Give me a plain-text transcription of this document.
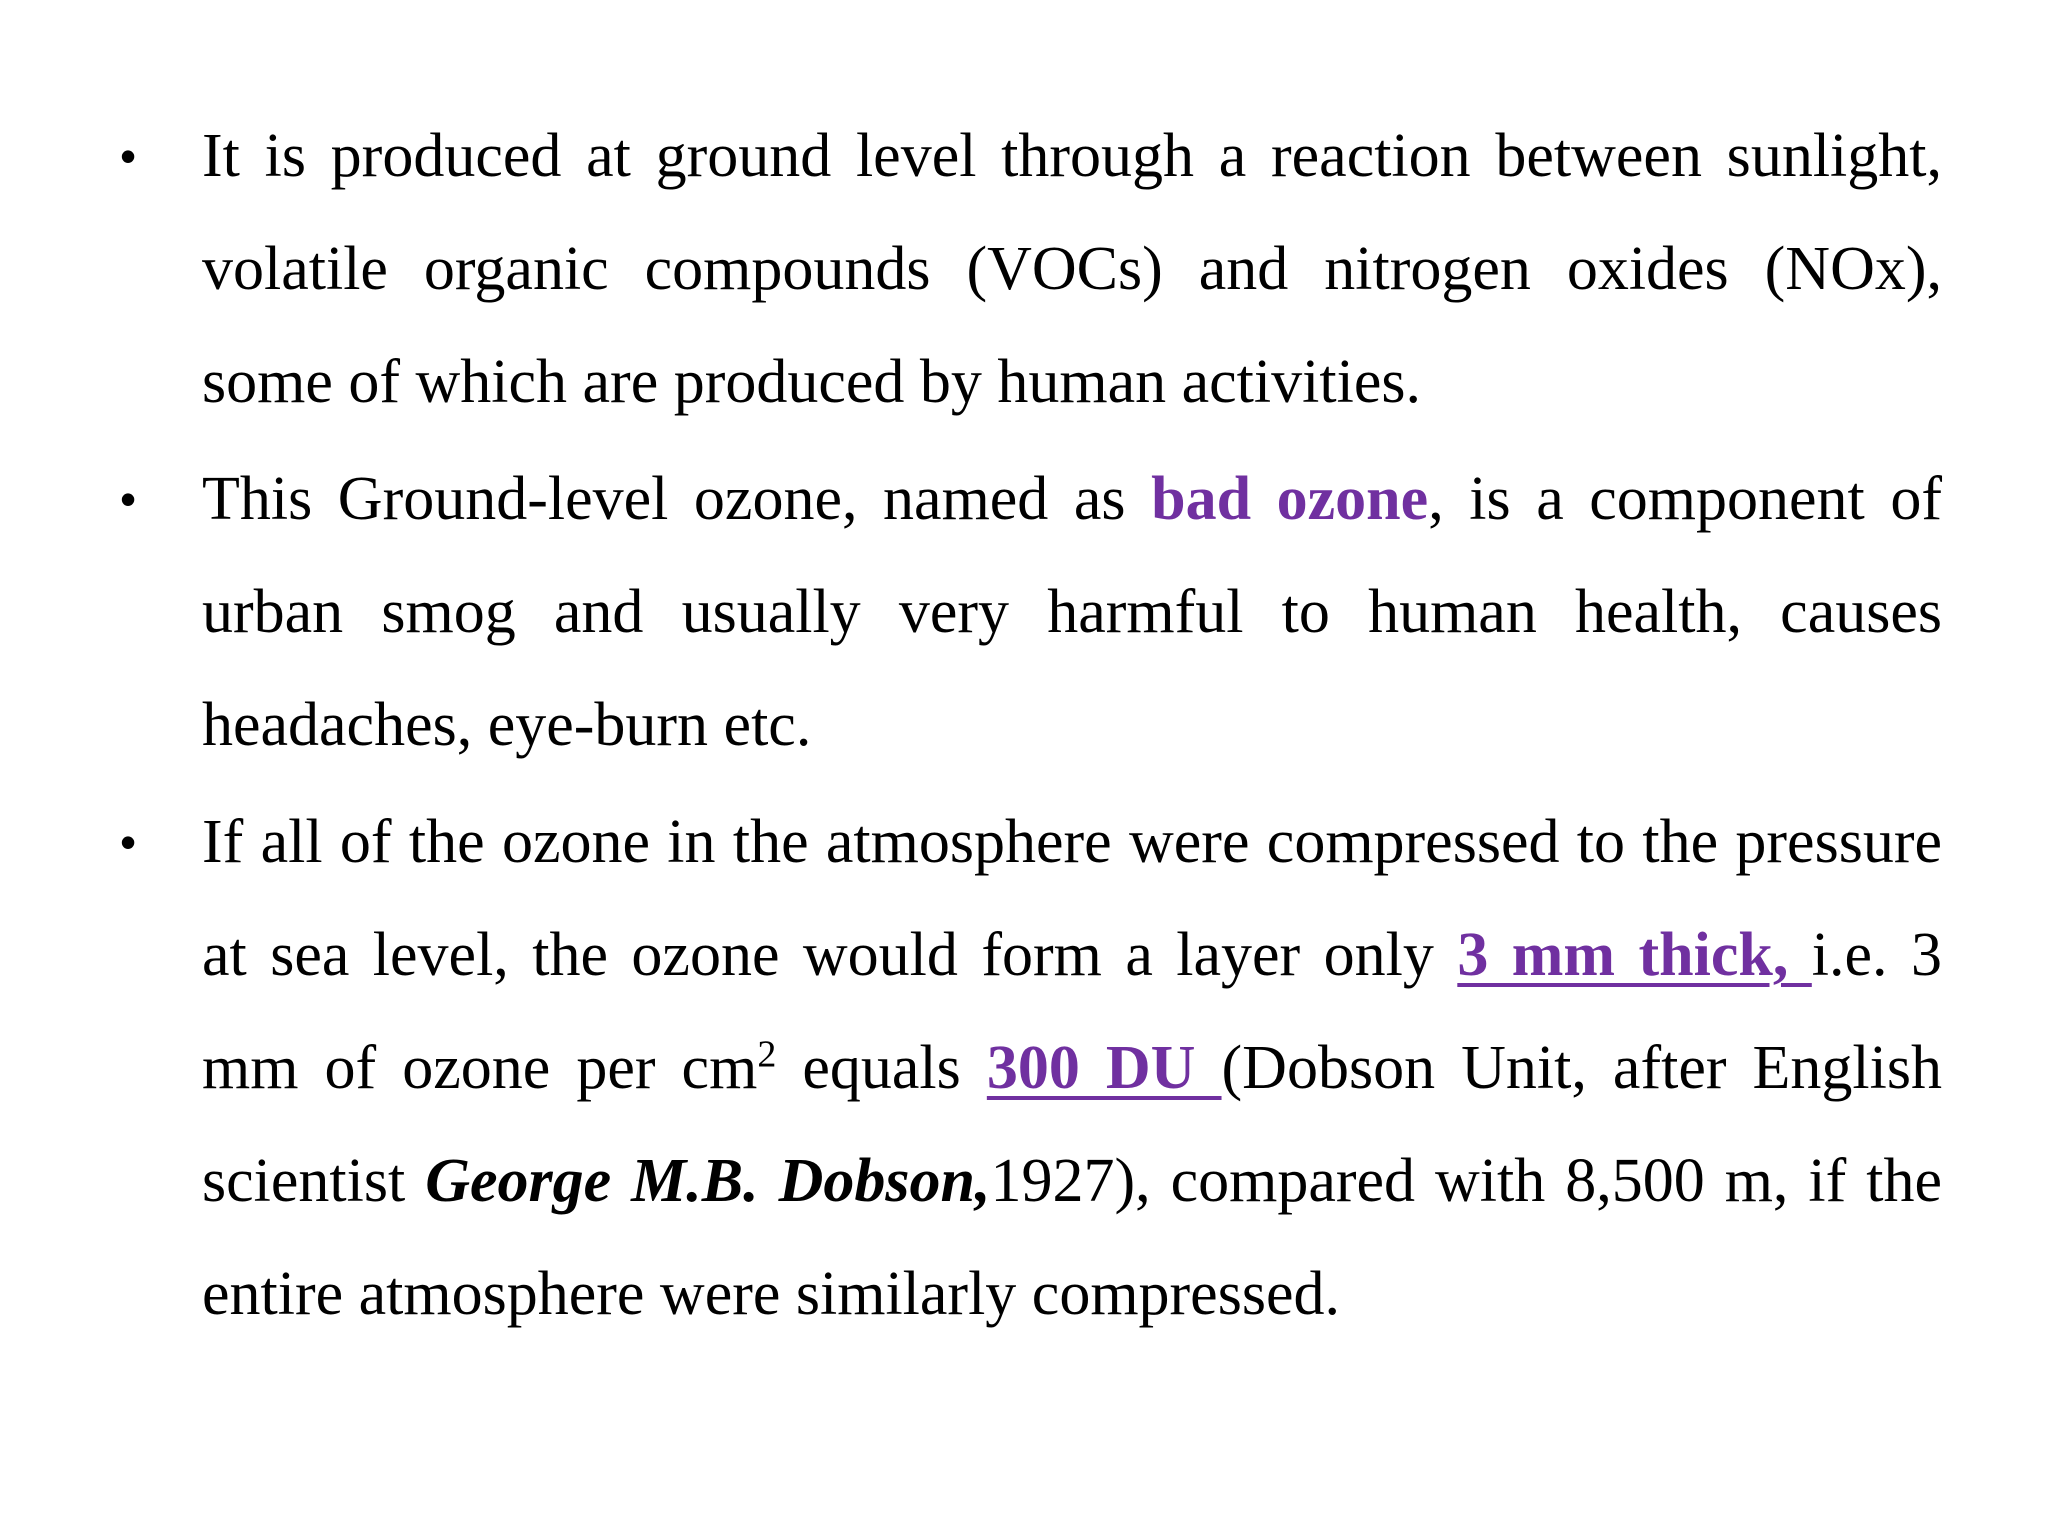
• It is produced at ground level through a reaction between sunlight, volatile organic compounds (VOCs) and nitrogen oxides (NOx), some of which are produced by human activities.
• This Ground-level ozone, named as bad ozone, is a component of urban smog and usually very harmful to human health, causes headaches, eye-burn etc.
• If all of the ozone in the atmosphere were compressed to the pressure at sea level, the ozone would form a layer only 3 mm thick, i.e. 3 mm of ozone per $cm^2$ equals 300 DU (Dobson Unit, after English scientist George M.B. Dobson,1927), compared with 8,500 m, if the entire atmosphere were similarly compressed.
